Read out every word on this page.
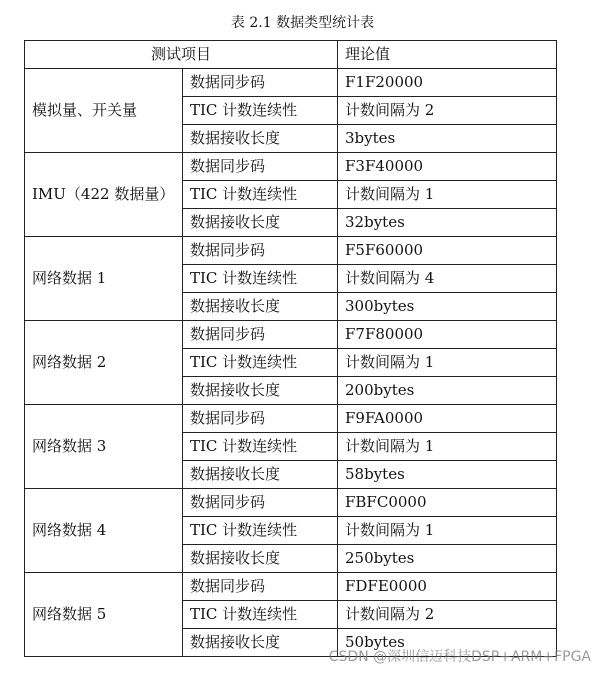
表 2.1 数据类型统计表
测试项目		理论值
模拟量、开关量	数据同步码	F1F20000
	TIC 计数连续性	计数间隔为 2
	数据接收长度	3bytes
IMU（422 数据量）	数据同步码	F3F40000
	TIC 计数连续性	计数间隔为 1
	数据接收长度	32bytes
网络数据 1	数据同步码	F5F60000
	TIC 计数连续性	计数间隔为 4
	数据接收长度	300bytes
网络数据 2	数据同步码	F7F80000
	TIC 计数连续性	计数间隔为 1
	数据接收长度	200bytes
网络数据 3	数据同步码	F9FA0000
	TIC 计数连续性	计数间隔为 1
	数据接收长度	58bytes
网络数据 4	数据同步码	FBFC0000
	TIC 计数连续性	计数间隔为 1
	数据接收长度	250bytes
网络数据 5	数据同步码	FDFE0000
	TIC 计数连续性	计数间隔为 2
	数据接收长度	50bytes
CSDN @深圳信迈科技DSP+ARM+FPGA
